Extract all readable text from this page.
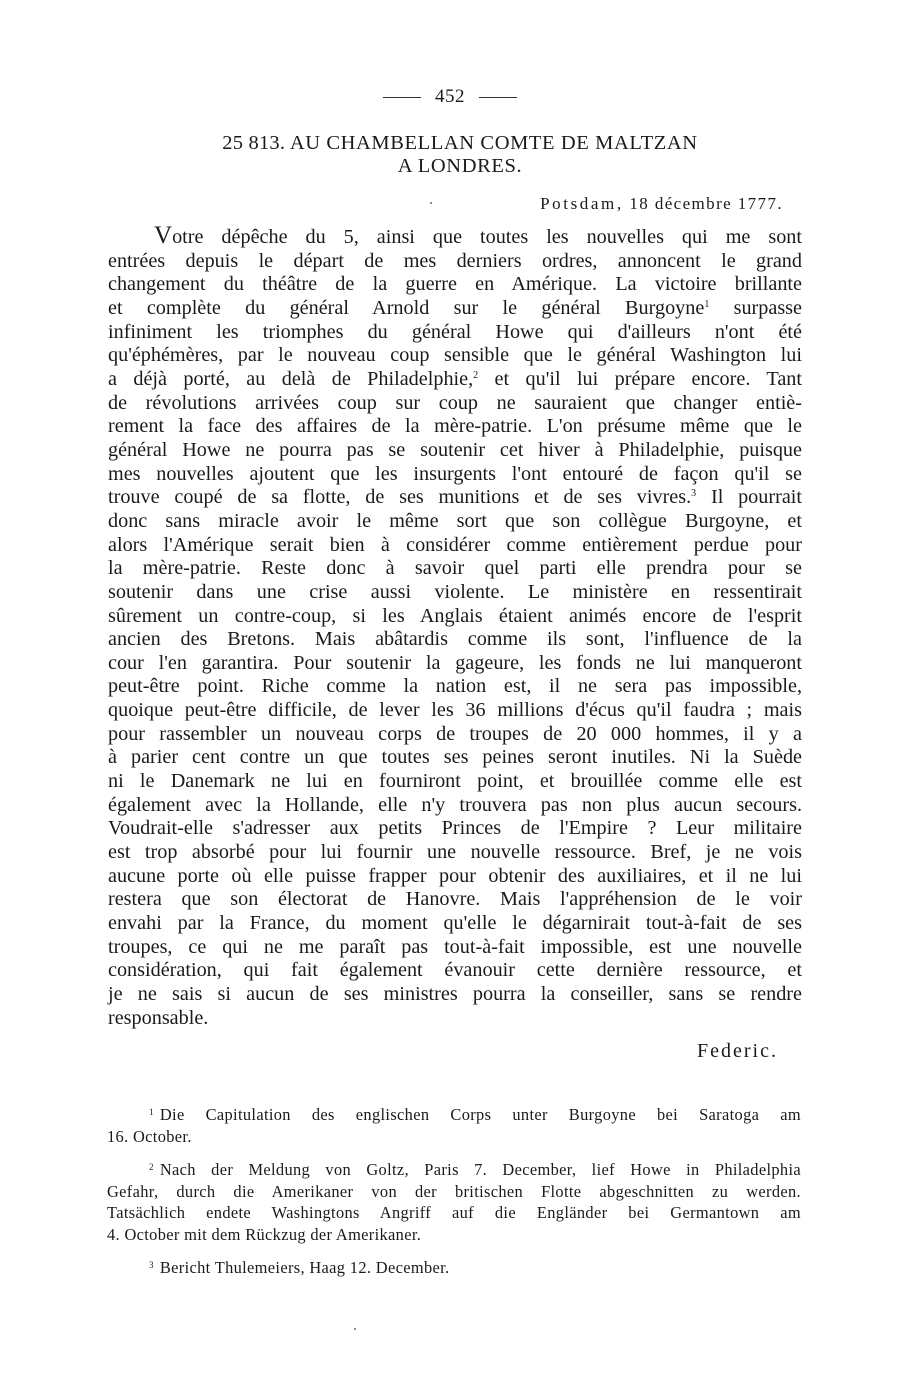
452
25 813. AU CHAMBELLAN COMTE DE MALTZAN
A LONDRES.
Potsdam, 18 décembre 1777.
Votre dépêche du 5, ainsi que toutes les nouvelles qui me sont
entrées depuis le départ de mes derniers ordres, annoncent le grand
changement du théâtre de la guerre en Amérique. La victoire brillante
et complète du général Arnold sur le général Burgoyne$^1$ surpasse
infiniment les triomphes du général Howe qui d'ailleurs n'ont été
qu'éphémères, par le nouveau coup sensible que le général Washington lui
a déjà porté, au delà de Philadelphie,$^2$ et qu'il lui prépare encore. Tant
de révolutions arrivées coup sur coup ne sauraient que changer entiè-
rement la face des affaires de la mère-patrie. L'on présume même que le
général Howe ne pourra pas se soutenir cet hiver à Philadelphie, puisque
mes nouvelles ajoutent que les insurgents l'ont entouré de façon qu'il se
trouve coupé de sa flotte, de ses munitions et de ses vivres.$^3$ Il pourrait
donc sans miracle avoir le même sort que son collègue Burgoyne, et
alors l'Amérique serait bien à considérer comme entièrement perdue pour
la mère-patrie. Reste donc à savoir quel parti elle prendra pour se
soutenir dans une crise aussi violente. Le ministère en ressentirait
sûrement un contre-coup, si les Anglais étaient animés encore de l'esprit
ancien des Bretons. Mais abâtardis comme ils sont, l'influence de la
cour l'en garantira. Pour soutenir la gageure, les fonds ne lui manqueront
peut-être point. Riche comme la nation est, il ne sera pas impossible,
quoique peut-être difficile, de lever les 36 millions d'écus qu'il faudra ; mais
pour rassembler un nouveau corps de troupes de 20 000 hommes, il y a
à parier cent contre un que toutes ses peines seront inutiles. Ni la Suède
ni le Danemark ne lui en fourniront point, et brouillée comme elle est
également avec la Hollande, elle n'y trouvera pas non plus aucun secours.
Voudrait-elle s'adresser aux petits Princes de l'Empire ? Leur militaire
est trop absorbé pour lui fournir une nouvelle ressource. Bref, je ne vois
aucune porte où elle puisse frapper pour obtenir des auxiliaires, et il ne lui
restera que son électorat de Hanovre. Mais l'appréhension de le voir
envahi par la France, du moment qu'elle le dégarnirait tout-à-fait de ses
troupes, ce qui ne me paraît pas tout-à-fait impossible, est une nouvelle
considération, qui fait également évanouir cette dernière ressource, et
je ne sais si aucun de ses ministres pourra la conseiller, sans se rendre
responsable.
Federic.
$^1$ Die Capitulation des englischen Corps unter Burgoyne bei Saratoga am
16. October.
$^2$ Nach der Meldung von Goltz, Paris 7. December, lief Howe in Philadelphia
Gefahr, durch die Amerikaner von der britischen Flotte abgeschnitten zu werden.
Tatsächlich endete Washingtons Angriff auf die Engländer bei Germantown am
4. October mit dem Rückzug der Amerikaner.
$^3$ Bericht Thulemeiers, Haag 12. December.
